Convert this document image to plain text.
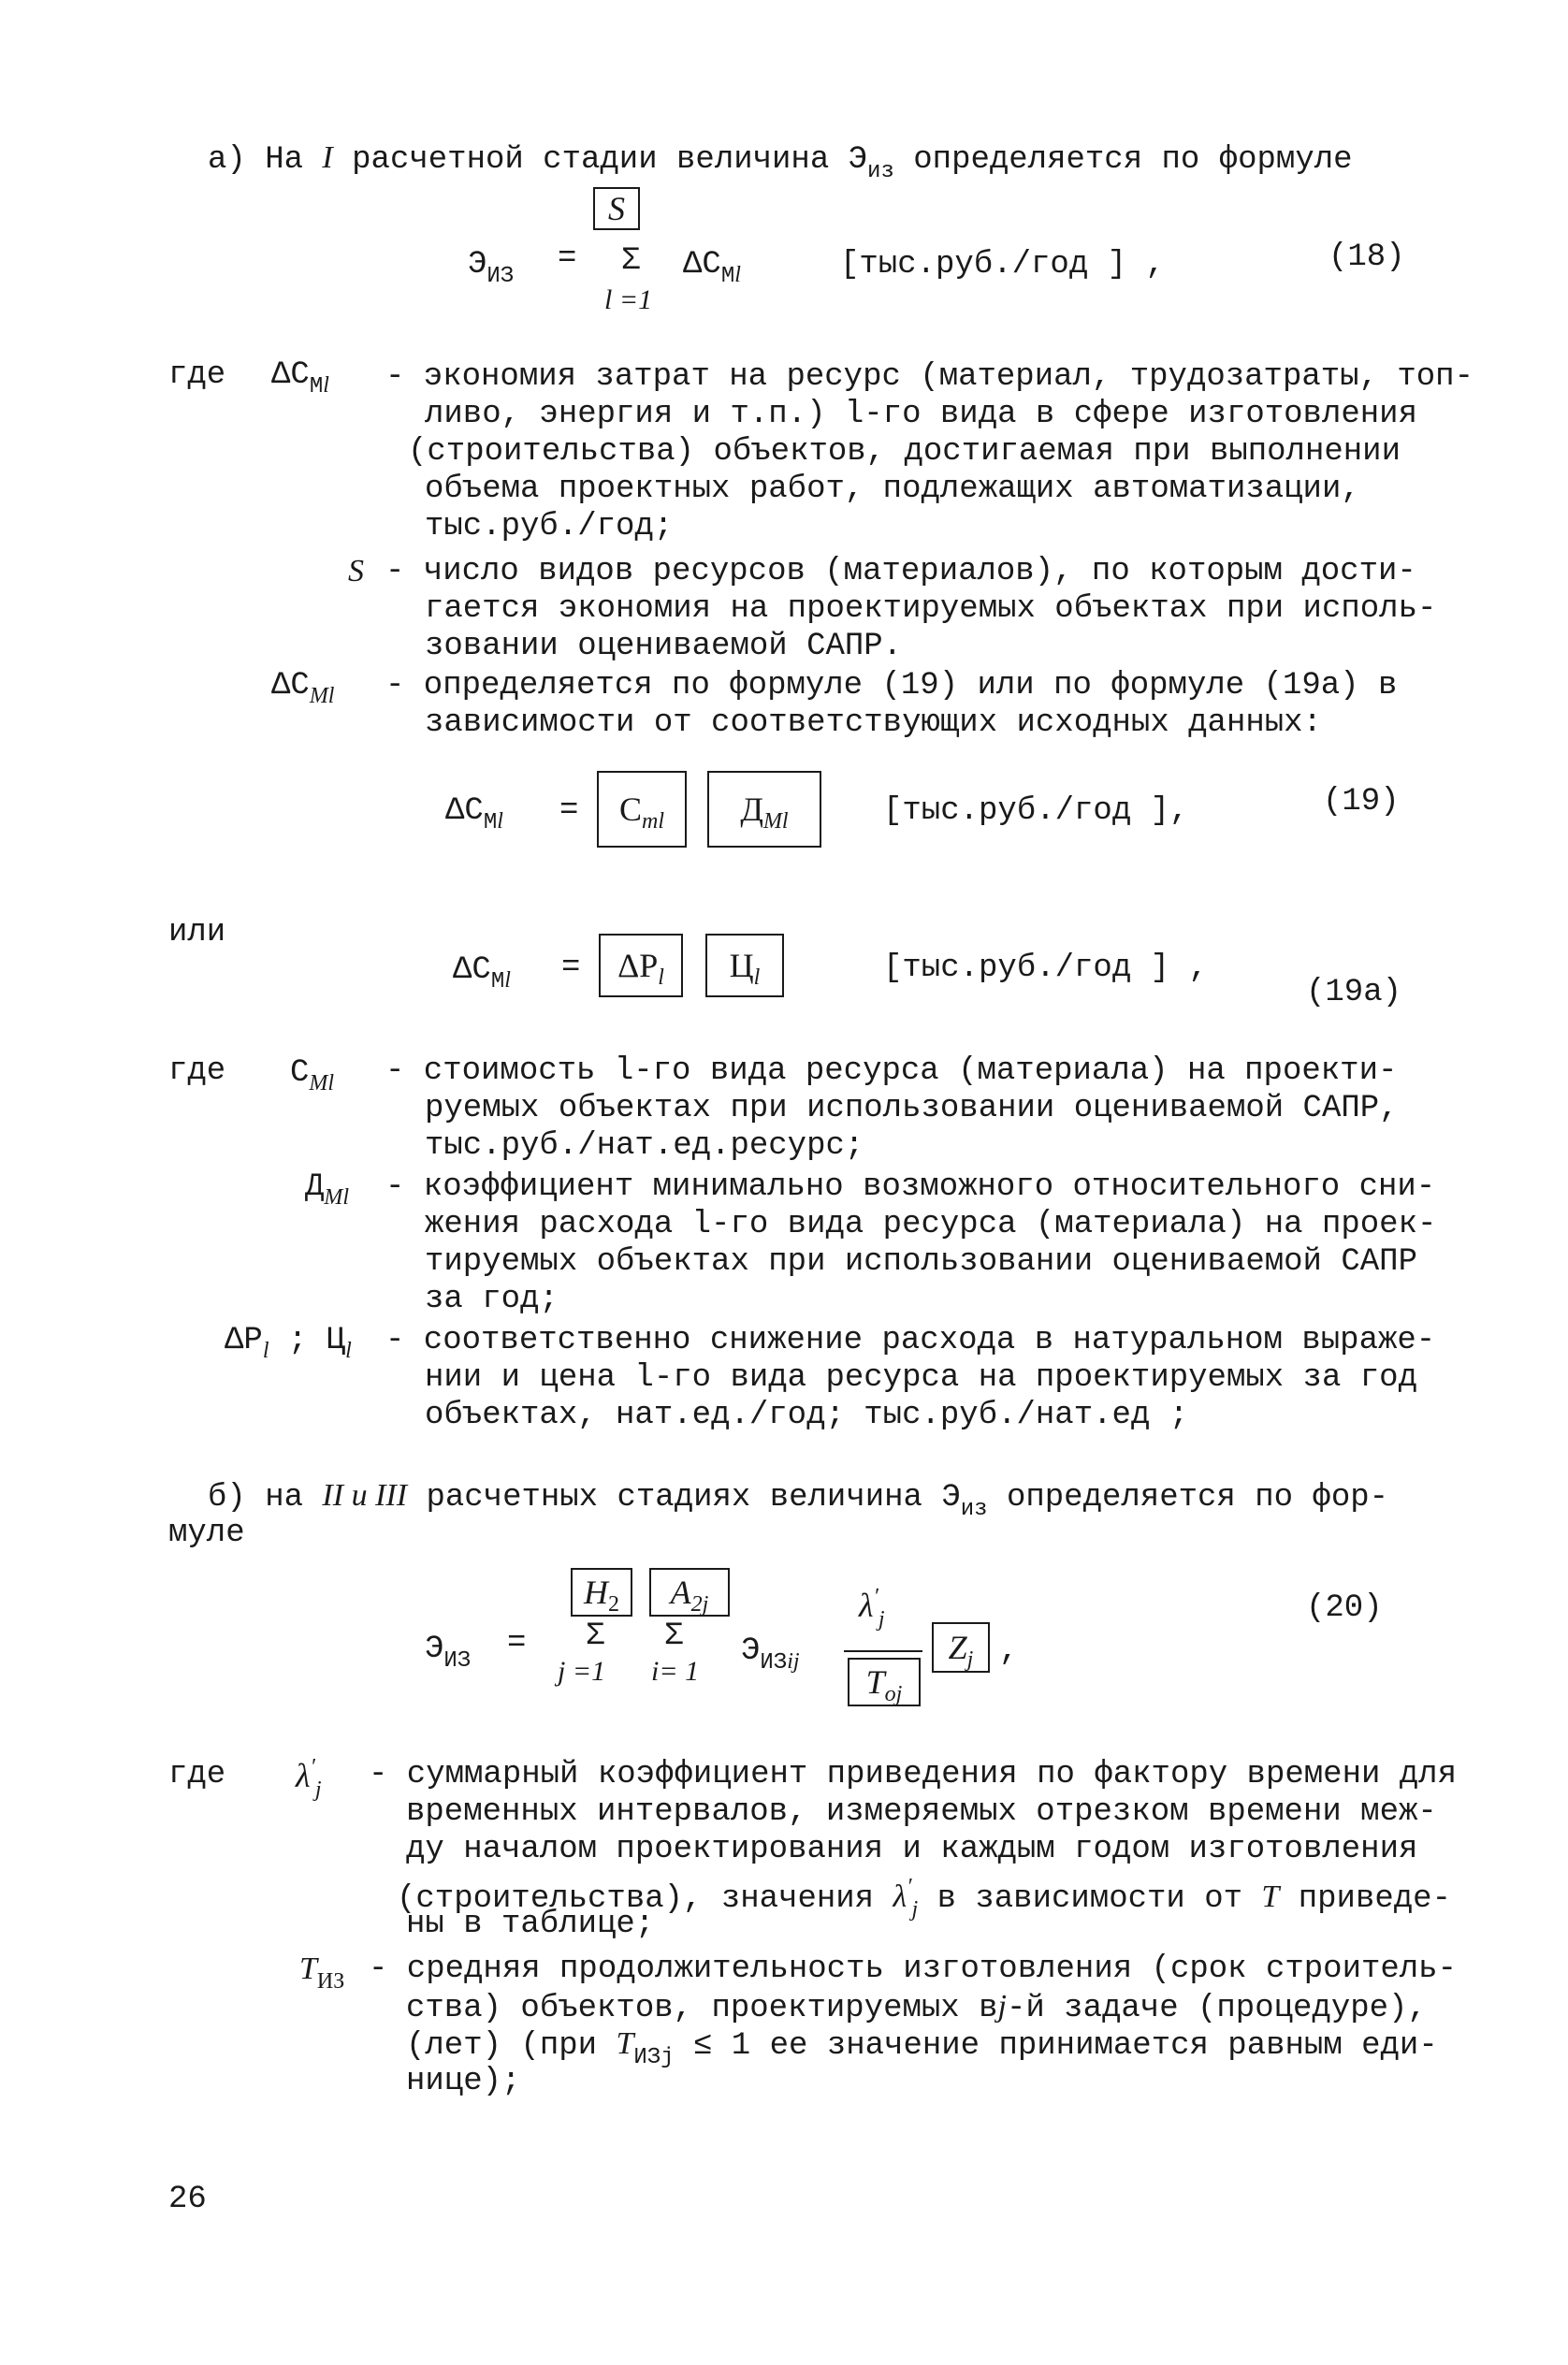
а) На I расчетной стадии величина $Э_{из}$ определяется по формуле
S
$Э_{ИЗ} = \Sigma$ $\Delta С_{Мl}$
l =1
[тыс.руб./год ] ,	(18)
где $\Delta С_{Мl}$ - экономия затрат на ресурс (материал, трудозатраты, топ-
ливо, энергия и т.п.) l-го вида в сфере изготовления
(строительства) объектов, достигаемая при выполнении
объема проектных работ, подлежащих автоматизации,
тыс.руб./год;
S - число видов ресурсов (материалов), по которым дости-
гается экономия на проектируемых объектах при исполь-
зовании оцениваемой САПР.
$\Delta С_{Мl}$ - определяется по формуле (19) или по формуле (19а) в
зависимости от соответствующих исходных данных:
$\Delta С_{Мl}$ =	$С_{ml}$	$Д_{Мl}$	[тыс.руб./год ],	(19)
или
$\Delta С_{Мl}$ =	$\Delta Р_l$	$Ц_l$	[тыс.руб./год ] ,
(19а)
где $С_{Мl}$ - стоимость l-го вида ресурса (материала) на проекти-
руемых объектах при использовании оцениваемой САПР,
тыс.руб./нат.ед.ресурс;
$Д_{Мl}$ - коэффициент минимально возможного относительного сни-
жения расхода l-го вида ресурса (материала) на проек-
тируемых объектах при использовании оцениваемой САПР
за год;
$\Delta Р_l$ ; $Ц_l$ - соответственно снижение расхода в натуральном выраже-
нии и цена l-го вида ресурса на проектируемых за год
объектах, нат.ед./год; тыс.руб./нат.ед ;
б) на II и III расчетных стадиях величина $Э_{из}$ определяется по фор-
муле
$Н_2$	$А_{2j}$
$Э_{ИЗ} = \Sigma$ Σ
j =1 i= 1
$Э_{ИЗij}$
$\lambda'_j$
$Т_{оj}$
$Z_j$ ,
(20)
где $\lambda'_j$ - суммарный коэффициент приведения по фактору времени для
временных интервалов, измеряемых отрезком времени меж-
ду началом проектирования и каждым годом изготовления
(строительства), значения $\lambda'_j$ в зависимости от Т приведе-
ны в таблице;
$Т_{ИЗ}$ - средняя продолжительность изготовления (срок строитель-
ства) объектов, проектируемых вj-й задаче (процедуре),
(лет) (при $Т_{ИЗj} \le 1$ ее значение принимается равным еди-
нице);
26
